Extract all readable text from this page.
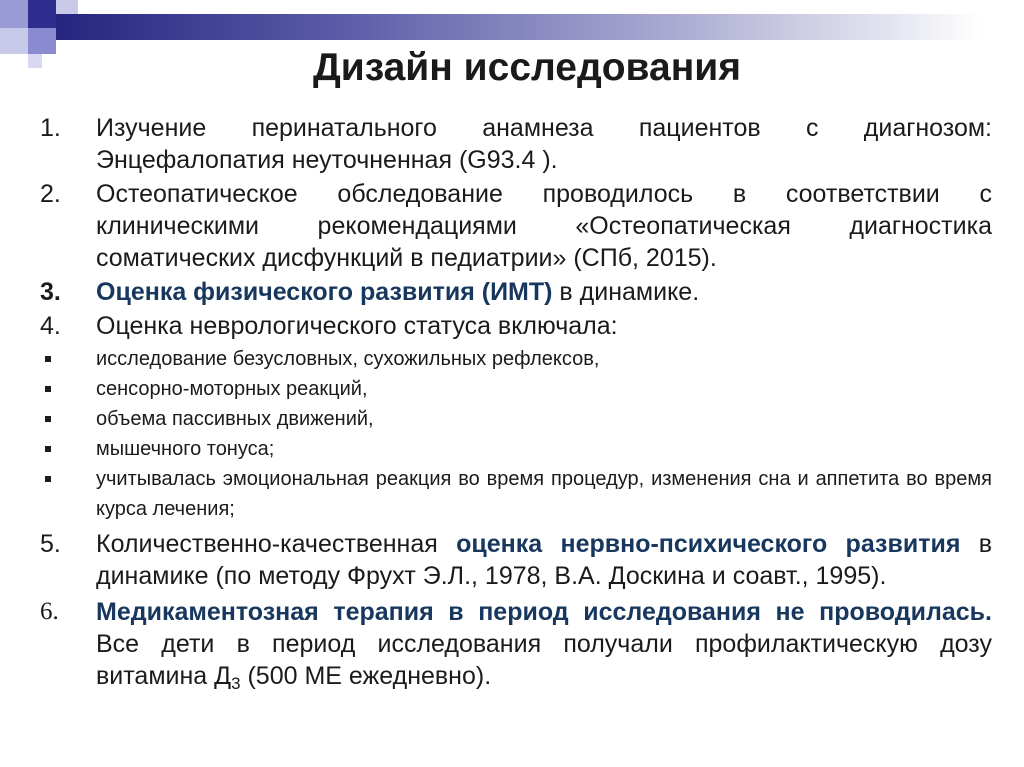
Дизайн исследования
1. Изучение перинатального анамнеза пациентов с диагнозом: Энцефалопатия неуточненная (G93.4 ).
2. Остеопатическое обследование проводилось в соответствии с клиническими рекомендациями «Остеопатическая диагностика соматических дисфункций в педиатрии» (СПб, 2015).
3. Оценка физического развития (ИМТ) в динамике.
4. Оценка неврологического статуса включала:
исследование безусловных, сухожильных рефлексов,
сенсорно-моторных реакций,
объема пассивных движений,
мышечного тонуса;
учитывалась эмоциональная реакция во время процедур, изменения сна и аппетита во время курса лечения;
5. Количественно-качественная оценка нервно-психического развития в динамике (по методу Фрухт Э.Л., 1978, В.А. Доскина и соавт., 1995).
6. Медикаментозная терапия в период исследования не проводилась. Все дети в период исследования получали профилактическую дозу витамина $Д_3$ (500 МЕ ежедневно).
